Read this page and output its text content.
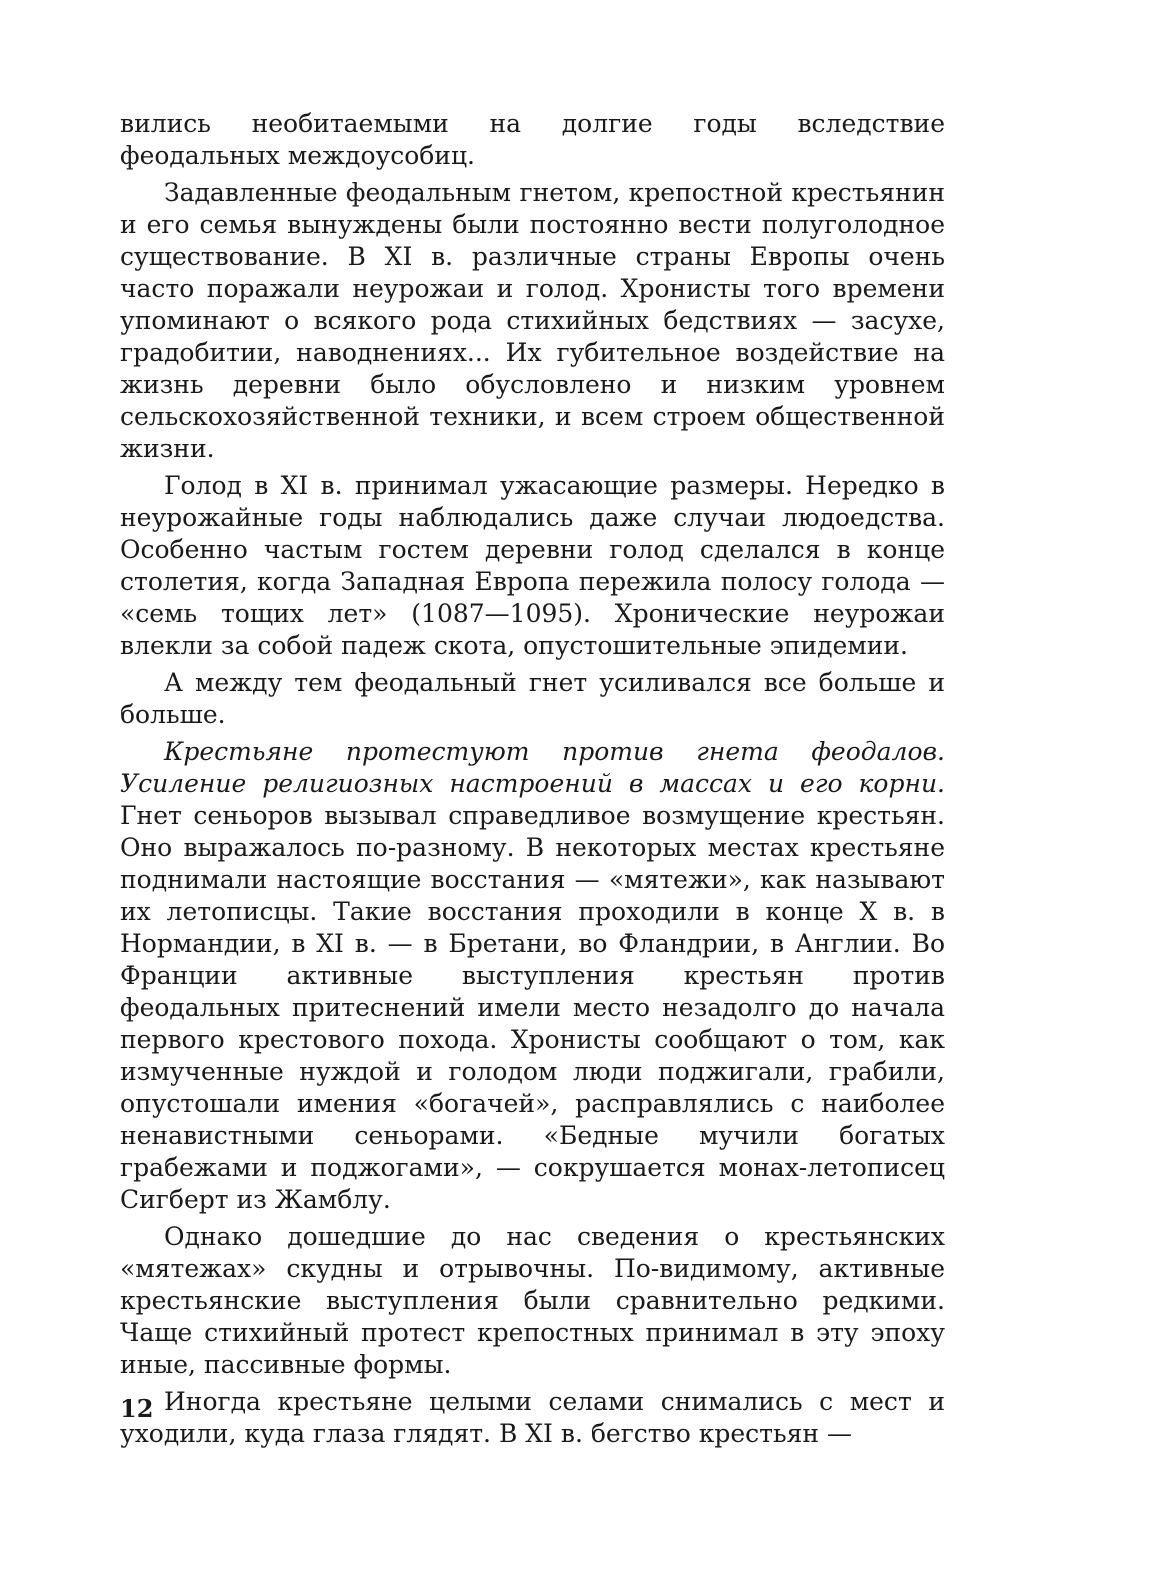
вились необитаемыми на долгие годы вследствие феодальных междоусобиц.

Задавленные феодальным гнетом, крепостной крестьянин и его семья вынуждены были постоянно вести полуголодное существование. В XI в. различные страны Европы очень часто поражали неурожаи и голод. Хронисты того времени упоминают о всякого рода стихийных бедствиях — засухе, градобитии, наводнениях... Их губительное воздействие на жизнь деревни было обусловлено и низким уровнем сельскохозяйственной техники, и всем строем общественной жизни.

Голод в XI в. принимал ужасающие размеры. Нередко в неурожайные годы наблюдались даже случаи людоедства. Особенно частым гостем деревни голод сделался в конце столетия, когда Западная Европа пережила полосу голода — «семь тощих лет» (1087—1095). Хронические неурожаи влекли за собой падеж скота, опустошительные эпидемии.

А между тем феодальный гнет усиливался все больше и больше.

Крестьяне протестуют против гнета феодалов. Усиление религиозных настроений в массах и его корни. Гнет сеньоров вызывал справедливое возмущение крестьян. Оно выражалось по-разному. В некоторых местах крестьяне поднимали настоящие восстания — «мятежи», как называют их летописцы. Такие восстания проходили в конце X в. в Нормандии, в XI в. — в Бретани, во Фландрии, в Англии. Во Франции активные выступления крестьян против феодальных притеснений имели место незадолго до начала первого крестового похода. Хронисты сообщают о том, как измученные нуждой и голодом люди поджигали, грабили, опустошали имения «богачей», расправлялись с наиболее ненавистными сеньорами. «Бедные мучили богатых грабежами и поджогами», — сокрушается монах-летописец Сигберт из Жамблу.

Однако дошедшие до нас сведения о крестьянских «мятежах» скудны и отрывочны. По-видимому, активные крестьянские выступления были сравнительно редкими. Чаще стихийный протест крепостных принимал в эту эпоху иные, пассивные формы.

Иногда крестьяне целыми селами снимались с мест и уходили, куда глаза глядят. В XI в. бегство крестьян —

12
